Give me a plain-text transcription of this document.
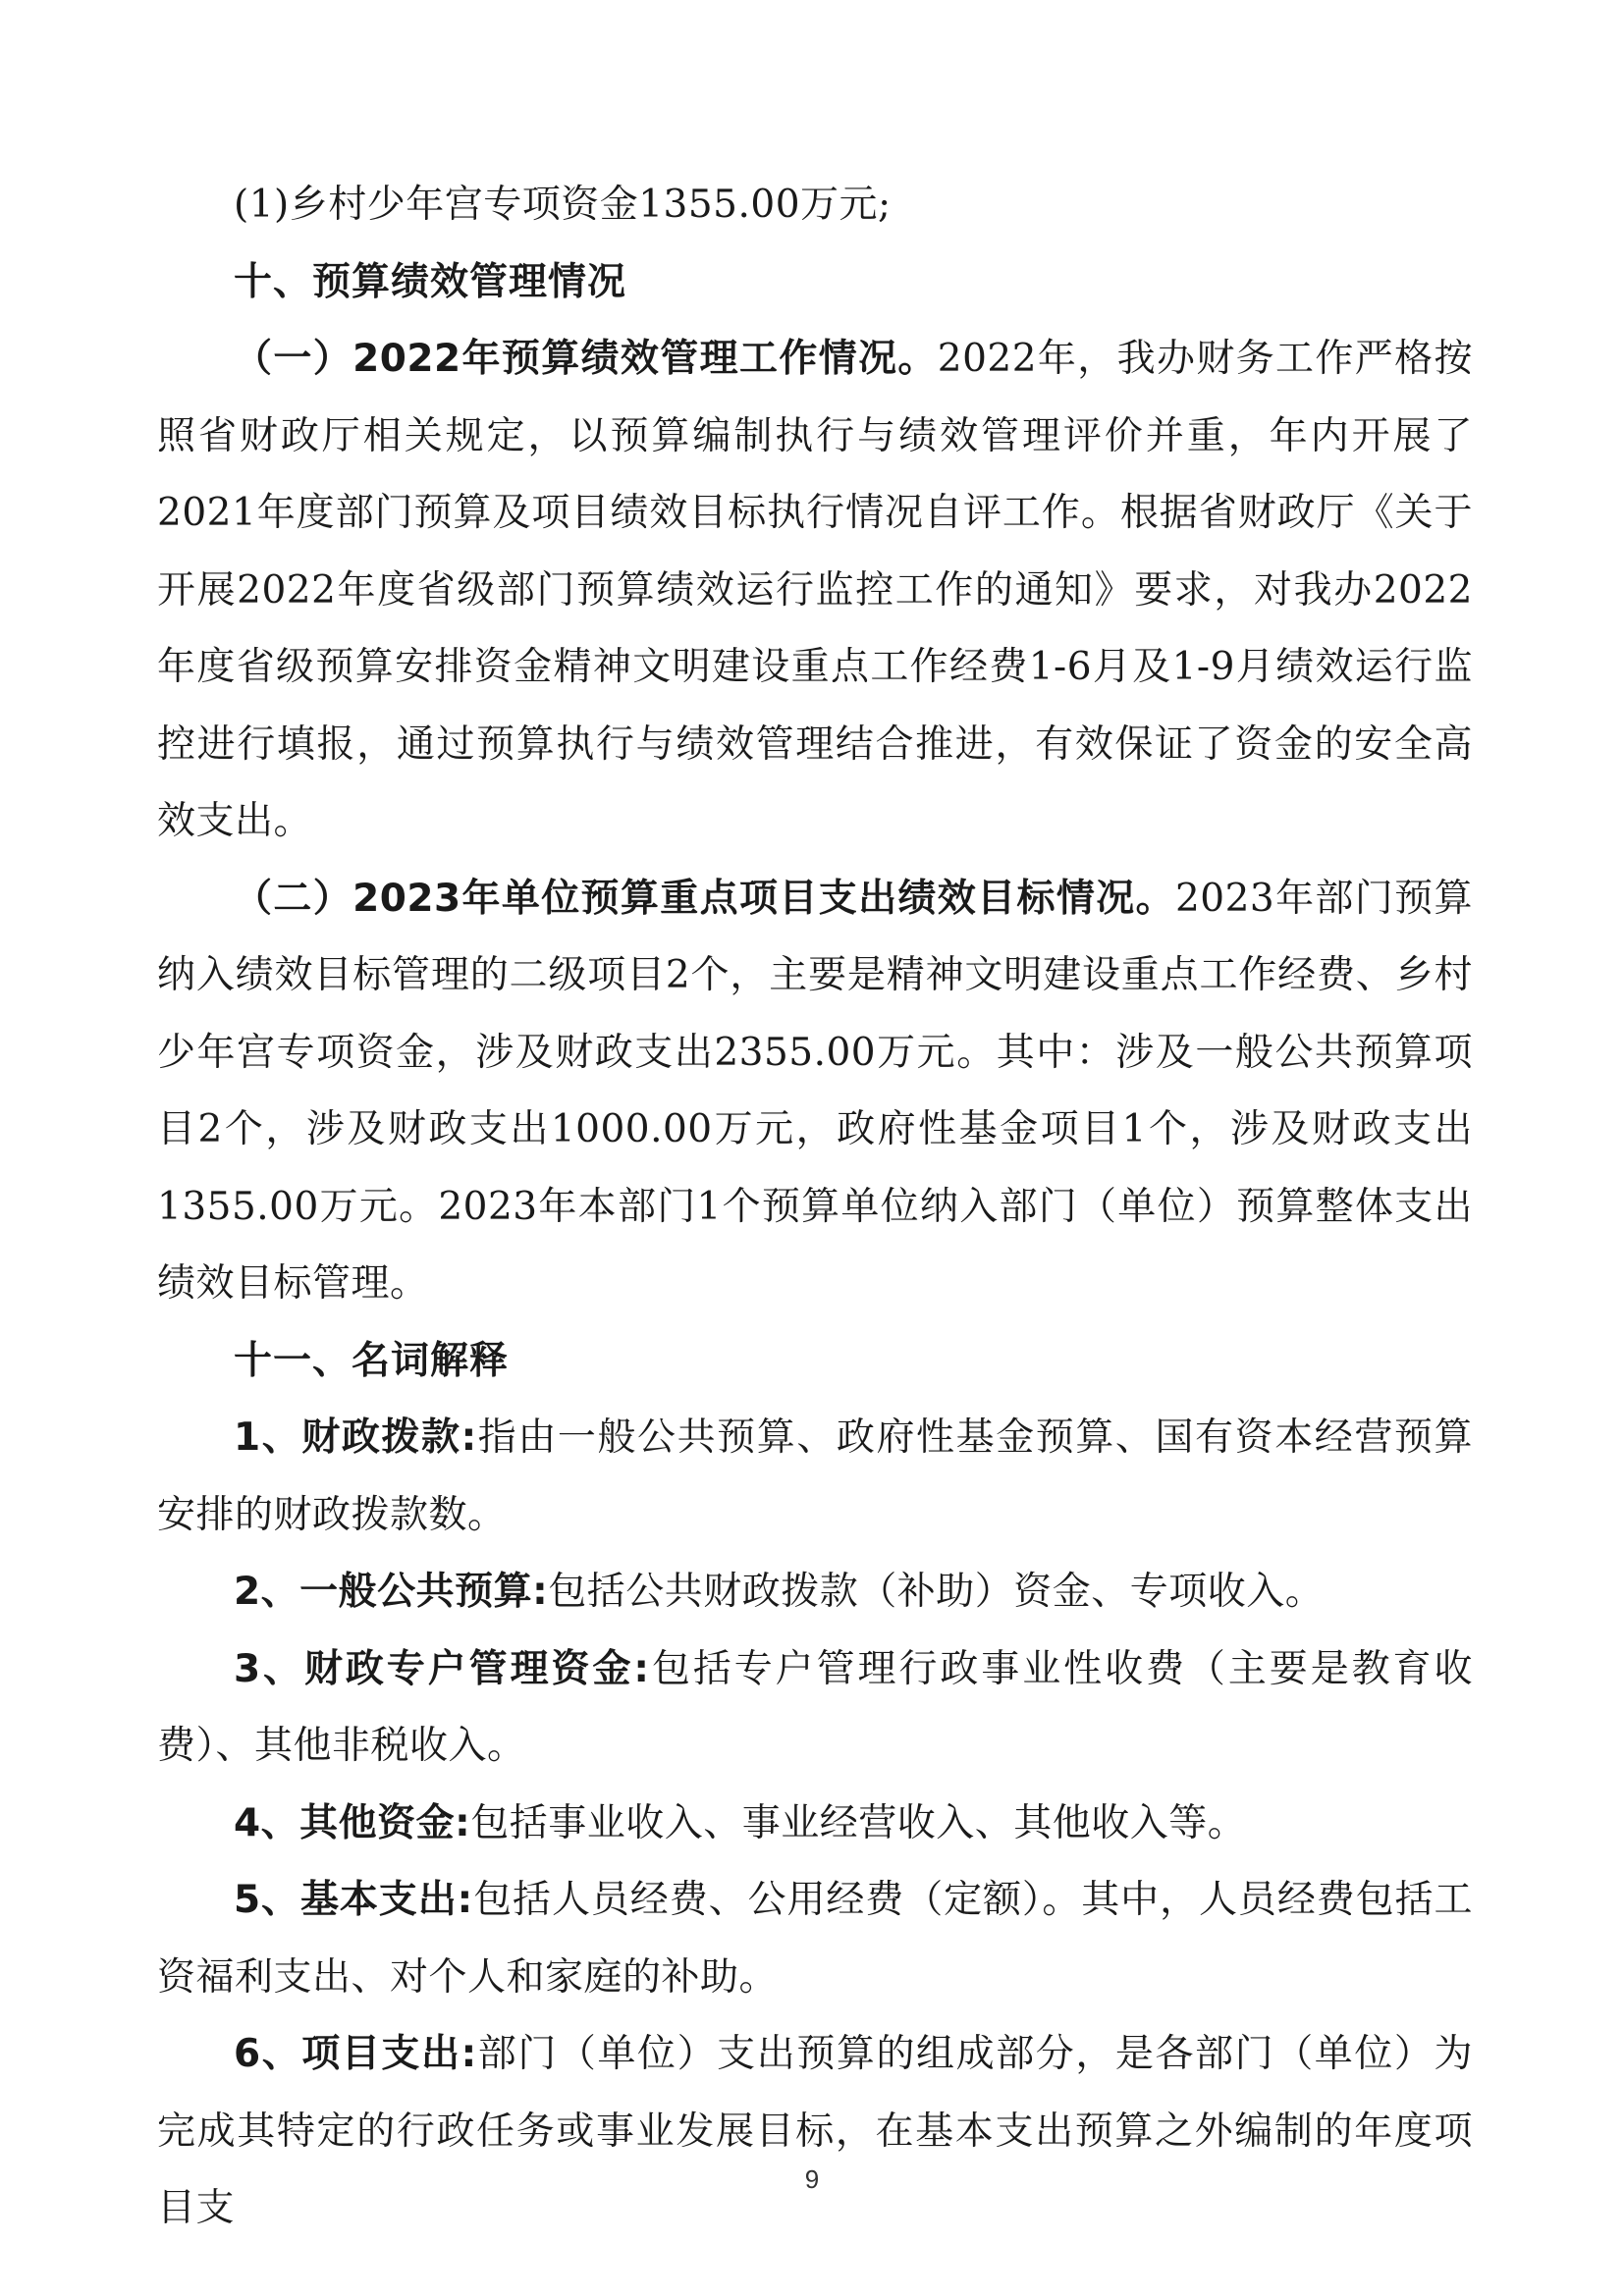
(1)乡村少年宫专项资金1355.00万元;

十、预算绩效管理情况

（一）2022年预算绩效管理工作情况。2022年，我办财务工作严格按照省财政厅相关规定，以预算编制执行与绩效管理评价并重，年内开展了2021年度部门预算及项目绩效目标执行情况自评工作。根据省财政厅《关于开展2022年度省级部门预算绩效运行监控工作的通知》要求，对我办2022年度省级预算安排资金精神文明建设重点工作经费1-6月及1-9月绩效运行监控进行填报，通过预算执行与绩效管理结合推进，有效保证了资金的安全高效支出。

（二）2023年单位预算重点项目支出绩效目标情况。2023年部门预算纳入绩效目标管理的二级项目2个，主要是精神文明建设重点工作经费、乡村少年宫专项资金，涉及财政支出2355.00万元。其中：涉及一般公共预算项目2个，涉及财政支出1000.00万元，政府性基金项目1个，涉及财政支出1355.00万元。2023年本部门1个预算单位纳入部门（单位）预算整体支出绩效目标管理。

十一、名词解释

1、财政拨款:指由一般公共预算、政府性基金预算、国有资本经营预算安排的财政拨款数。

2、一般公共预算:包括公共财政拨款（补助）资金、专项收入。

3、财政专户管理资金:包括专户管理行政事业性收费（主要是教育收费）、其他非税收入。

4、其他资金:包括事业收入、事业经营收入、其他收入等。

5、基本支出:包括人员经费、公用经费（定额）。其中，人员经费包括工资福利支出、对个人和家庭的补助。

6、项目支出:部门（单位）支出预算的组成部分，是各部门（单位）为完成其特定的行政任务或事业发展目标，在基本支出预算之外编制的年度项目支

9
